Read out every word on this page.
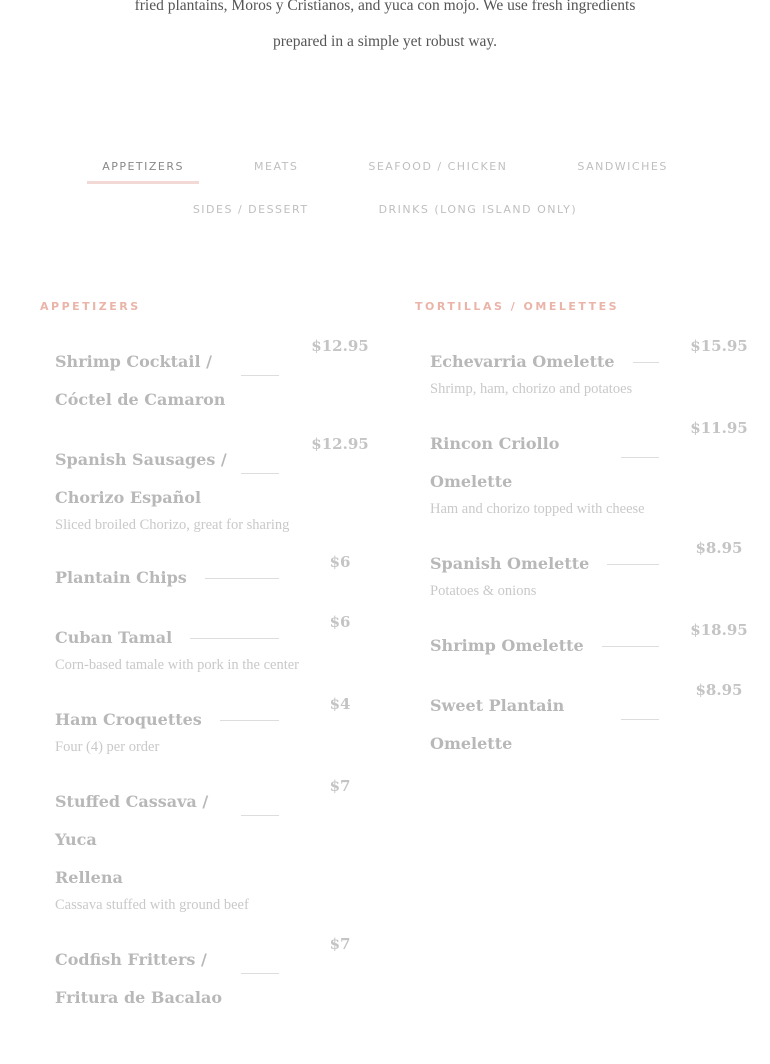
fried plantains, Moros y Cristianos, and yuca con mojo. We use fresh ingredients
prepared in a simple yet robust way.
APPETIZERS	MEATS	SEAFOOD / CHICKEN	SANDWICHES
SIDES / DESSERT	DRINKS (LONG ISLAND ONLY)
APPETIZERS
Shrimp Cocktail /
Cóctel de Camaron
$12.95
Spanish Sausages /
Chorizo Español
$12.95
Sliced broiled Chorizo, great for sharing
Plantain Chips
$6
Cuban Tamal
$6
Corn-based tamale with pork in the center
Ham Croquettes
$4
Four (4) per order
Stuffed Cassava / Yuca
Rellena
$7
Cassava stuffed with ground beef
Codfish Fritters /
Fritura de Bacalao
$7
TORTILLAS / OMELETTES
Echevarria Omelette
$15.95
Shrimp, ham, chorizo and potatoes
Rincon Criollo
Omelette
$11.95
Ham and chorizo topped with cheese
Spanish Omelette
$8.95
Potatoes & onions
Shrimp Omelette
$18.95
Sweet Plantain
Omelette
$8.95
